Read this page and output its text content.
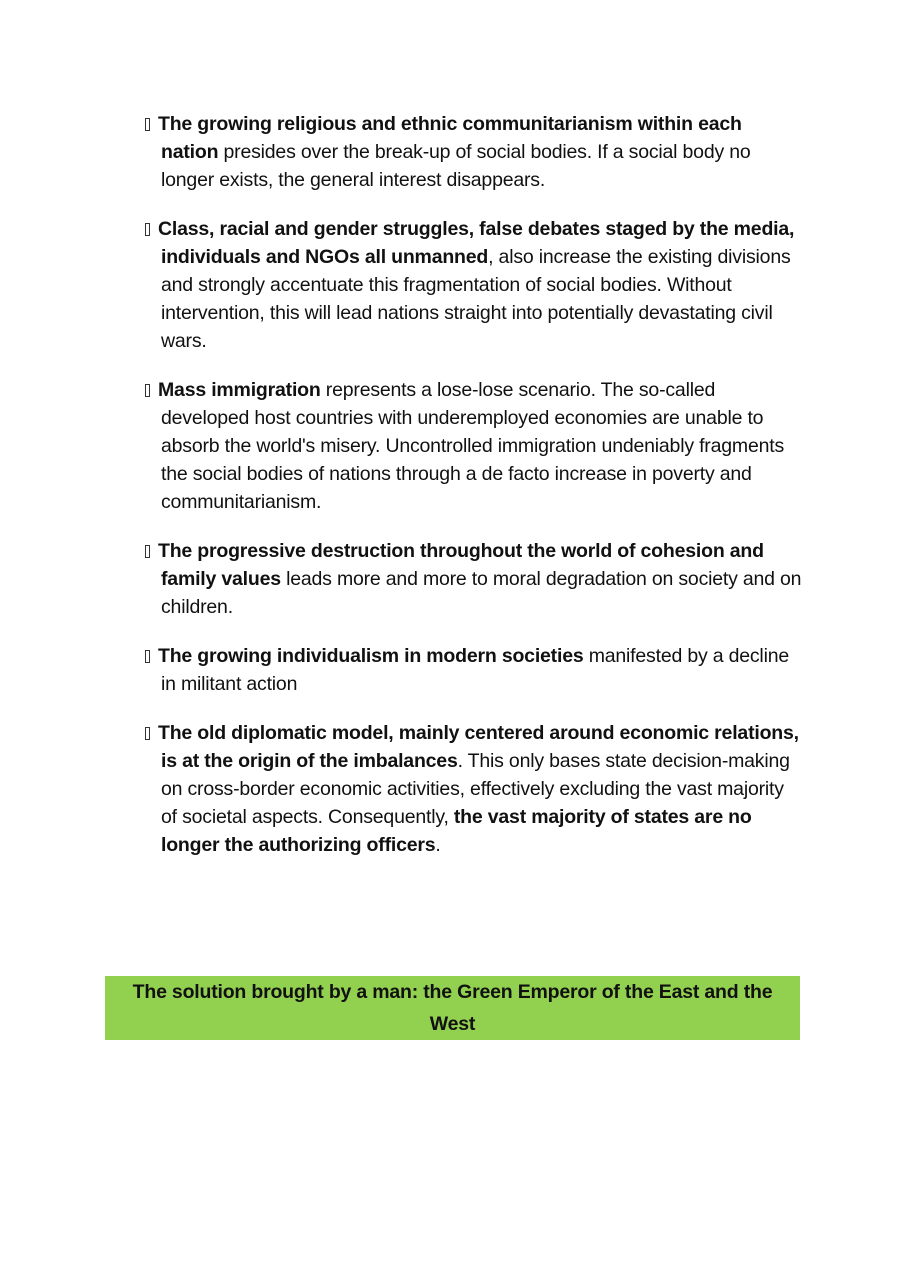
The growing religious and ethnic communitarianism within each nation presides over the break-up of social bodies. If a social body no longer exists, the general interest disappears.
Class, racial and gender struggles, false debates staged by the media, individuals and NGOs all unmanned, also increase the existing divisions and strongly accentuate this fragmentation of social bodies. Without intervention, this will lead nations straight into potentially devastating civil wars.
Mass immigration represents a lose-lose scenario. The so-called developed host countries with underemployed economies are unable to absorb the world's misery. Uncontrolled immigration undeniably fragments the social bodies of nations through a de facto increase in poverty and communitarianism.
The progressive destruction throughout the world of cohesion and family values leads more and more to moral degradation on society and on children.
The growing individualism in modern societies manifested by a decline in militant action
The old diplomatic model, mainly centered around economic relations, is at the origin of the imbalances. This only bases state decision-making on cross-border economic activities, effectively excluding the vast majority of societal aspects. Consequently, the vast majority of states are no longer the authorizing officers.
The solution brought by a man: the Green Emperor of the East and the West
